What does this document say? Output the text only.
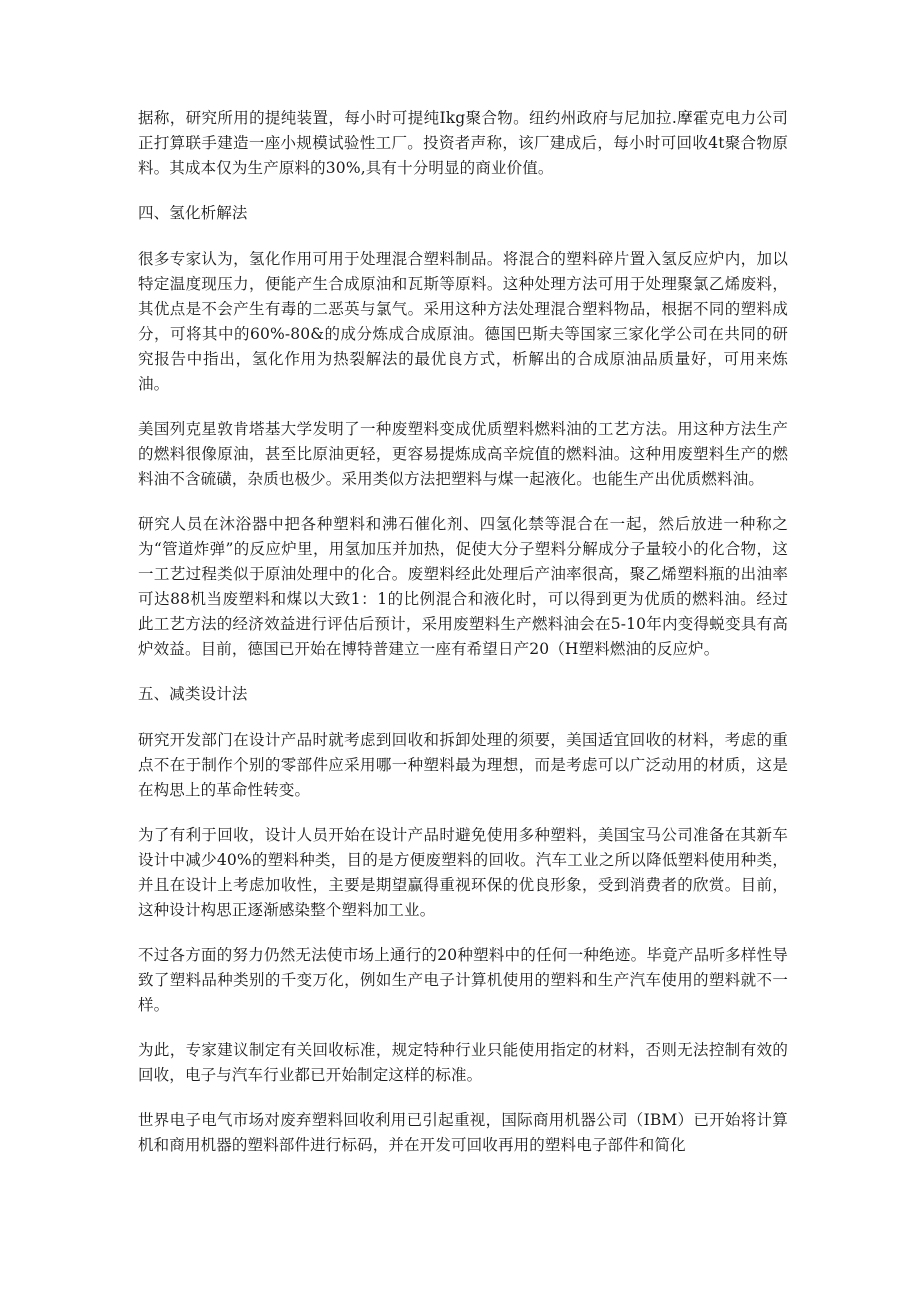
据称，研究所用的提纯装置，每小时可提纯Ikg聚合物。纽约州政府与尼加拉.摩霍克电力公司正打算联手建造一座小规模试验性工厂。投资者声称，该厂建成后，每小时可回收4t聚合物原料。其成本仅为生产原料的30%,具有十分明显的商业价值。

四、氢化析解法

很多专家认为，氢化作用可用于处理混合塑料制品。将混合的塑料碎片置入氢反应炉内，加以特定温度现压力，便能产生合成原油和瓦斯等原料。这种处理方法可用于处理聚氯乙烯废料，其优点是不会产生有毒的二恶英与氯气。采用这种方法处理混合塑料物品，根据不同的塑料成分，可将其中的60%-80&的成分炼成合成原油。德国巴斯夫等国家三家化学公司在共同的研究报告中指出，氢化作用为热裂解法的最优良方式，析解出的合成原油品质量好，可用来炼油。

美国列克星敦肯塔基大学发明了一种废塑料变成优质塑料燃料油的工艺方法。用这种方法生产的燃料很像原油，甚至比原油更轻，更容易提炼成高辛烷值的燃料油。这种用废塑料生产的燃料油不含硫磺，杂质也极少。采用类似方法把塑料与煤一起液化。也能生产出优质燃料油。

研究人员在沐浴器中把各种塑料和沸石催化剂、四氢化禁等混合在一起，然后放进一种称之为“管道炸弹”的反应炉里，用氢加压并加热，促使大分子塑料分解成分子量较小的化合物，这一工艺过程类似于原油处理中的化合。废塑料经此处理后产油率很高，聚乙烯塑料瓶的出油率可达88机当废塑料和煤以大致1：1的比例混合和液化时，可以得到更为优质的燃料油。经过此工艺方法的经济效益进行评估后预计，采用废塑料生产燃料油会在5-10年内变得蜕变具有高炉效益。目前，德国已开始在博特普建立一座有希望日产20（H塑料燃油的反应炉。

五、减类设计法

研究开发部门在设计产品时就考虑到回收和拆卸处理的须要，美国适宜回收的材料，考虑的重点不在于制作个别的零部件应采用哪一种塑料最为理想，而是考虑可以广泛动用的材质，这是在构思上的革命性转变。

为了有利于回收，设计人员开始在设计产品时避免使用多种塑料，美国宝马公司准备在其新车设计中减少40%的塑料种类，目的是方便废塑料的回收。汽车工业之所以降低塑料使用种类，并且在设计上考虑加收性，主要是期望赢得重视环保的优良形象，受到消费者的欣赏。目前，这种设计构思正逐渐感染整个塑料加工业。

不过各方面的努力仍然无法使市场上通行的20种塑料中的任何一种绝迹。毕竟产品听多样性导致了塑料品种类别的千变万化，例如生产电子计算机使用的塑料和生产汽车使用的塑料就不一样。

为此，专家建议制定有关回收标准，规定特种行业只能使用指定的材料，否则无法控制有效的回收，电子与汽车行业都已开始制定这样的标准。

世界电子电气市场对废弃塑料回收利用已引起重视，国际商用机器公司（IBM）已开始将计算机和商用机器的塑料部件进行标码，并在开发可回收再用的塑料电子部件和简化
